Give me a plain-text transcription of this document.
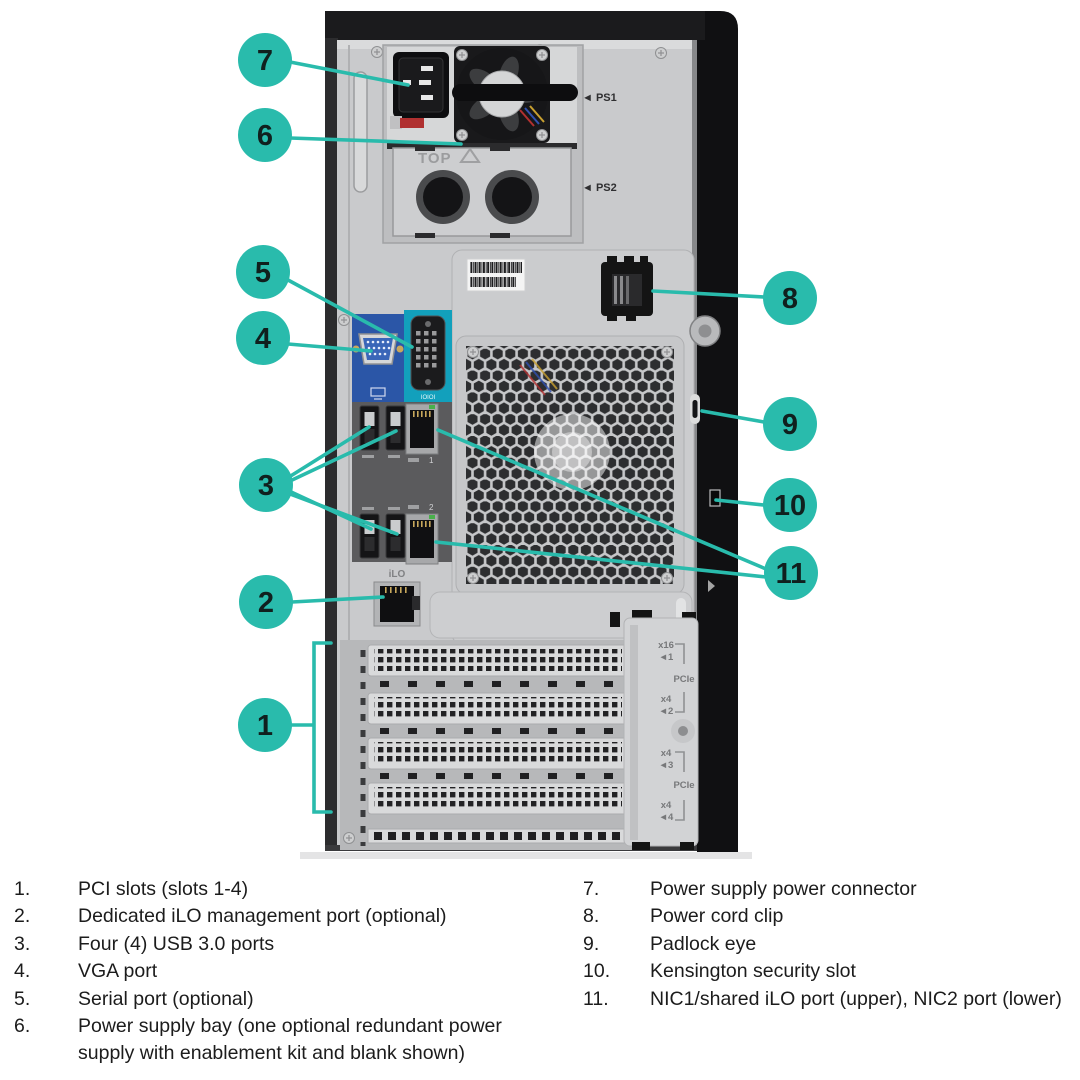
◄ PS1
TOP
◄ PS2
IOIOI
1
2
iLO
x16
◄1
PCIe
x4
◄2
x4
◄3
PCIe
x4
◄4
7
6
5
4
3
2
1
8
9
10
11
1.	PCI slots (slots 1-4)
2.	Dedicated iLO management port (optional)
3.	Four (4) USB 3.0 ports
4.	VGA port
5.	Serial port (optional)
6.	Power supply bay (one optional redundant power supply with enablement kit and blank shown)
7.	Power supply power connector
8.	Power cord clip
9.	Padlock eye
10.	Kensington security slot
11.	NIC1/shared iLO port (upper), NIC2 port (lower)
